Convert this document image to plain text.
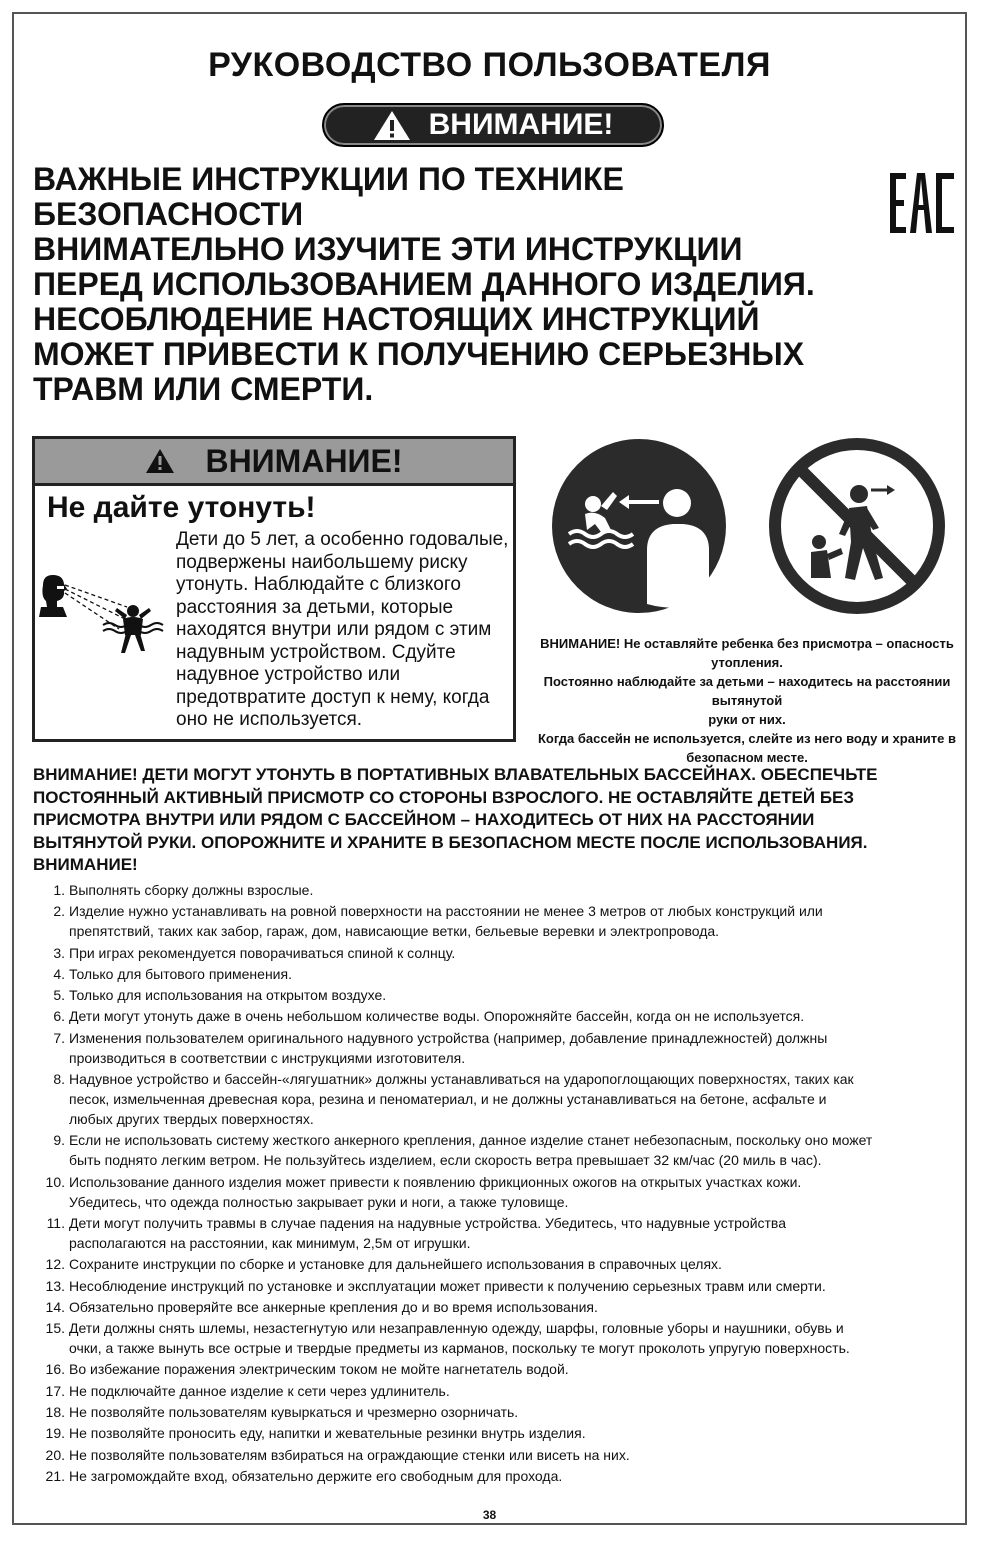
РУКОВОДСТВО ПОЛЬЗОВАТЕЛЯ
ВНИМАНИЕ!
ВАЖНЫЕ ИНСТРУКЦИИ ПО ТЕХНИКЕ
БЕЗОПАСНОСТИ
ВНИМАТЕЛЬНО ИЗУЧИТЕ ЭТИ ИНСТРУКЦИИ
ПЕРЕД ИСПОЛЬЗОВАНИЕМ ДАННОГО ИЗДЕЛИЯ.
НЕСОБЛЮДЕНИЕ НАСТОЯЩИХ ИНСТРУКЦИЙ
МОЖЕТ ПРИВЕСТИ К ПОЛУЧЕНИЮ СЕРЬЕЗНЫХ
ТРАВМ ИЛИ СМЕРТИ.
ВНИМАНИЕ!
Не дайте утонуть!
Дети до 5 лет, а особенно годовалые,
подвержены наибольшему риску
утонуть. Наблюдайте с близкого
расстояния за детьми, которые
находятся внутри или рядом с этим
надувным устройством. Сдуйте
надувное устройство или
предотвратите доступ к нему, когда
оно не используется.
ВНИМАНИЕ! Не оставляйте ребенка без присмотра – опасность утопления.
Постоянно наблюдайте за детьми – находитесь на расстоянии вытянутой
руки от них.
Когда бассейн не используется, слейте из него воду и храните в
безопасном месте.
ВНИМАНИЕ! ДЕТИ МОГУТ УТОНУТЬ В ПОРТАТИВНЫХ ВЛАВАТЕЛЬНЫХ БАССЕЙНАХ. ОБЕСПЕЧЬТЕ
ПОСТОЯННЫЙ АКТИВНЫЙ ПРИСМОТР СО СТОРОНЫ ВЗРОСЛОГО. НЕ ОСТАВЛЯЙТЕ ДЕТЕЙ БЕЗ
ПРИСМОТРА ВНУТРИ ИЛИ РЯДОМ С БАССЕЙНОМ – НАХОДИТЕСЬ ОТ НИХ НА РАССТОЯНИИ
ВЫТЯНУТОЙ РУКИ. ОПОРОЖНИТЕ И ХРАНИТЕ В БЕЗОПАСНОМ МЕСТЕ ПОСЛЕ ИСПОЛЬЗОВАНИЯ.
ВНИМАНИЕ!
1. Выполнять сборку должны взрослые.
2. Изделие нужно устанавливать на ровной поверхности на расстоянии не менее 3 метров от любых конструкций или
препятствий, таких как забор, гараж, дом, нависающие ветки, бельевые веревки и электропровода.
3. При играх рекомендуется поворачиваться спиной к солнцу.
4. Только для бытового применения.
5. Только для использования на открытом воздухе.
6. Дети могут утонуть даже в очень небольшом количестве воды. Опорожняйте бассейн, когда он не используется.
7. Изменения пользователем оригинального надувного устройства (например, добавление принадлежностей) должны
производиться в соответствии с инструкциями изготовителя.
8. Надувное устройство и бассейн-«лягушатник» должны устанавливаться на ударопоглощающих поверхностях, таких как
песок, измельченная древесная кора, резина и пеноматериал, и не должны устанавливаться на бетоне, асфальте и
любых других твердых поверхностях.
9. Если не использовать систему жесткого анкерного крепления, данное изделие станет небезопасным, поскольку оно может
быть поднято легким ветром. Не пользуйтесь изделием, если скорость ветра превышает 32 км/час (20 миль в час).
10. Использование данного изделия может привести к появлению фрикционных ожогов на открытых участках кожи.
Убедитесь, что одежда полностью закрывает руки и ноги, а также туловище.
11. Дети могут получить травмы в случае падения на надувные устройства. Убедитесь, что надувные устройства
располагаются на расстоянии, как минимум, 2,5м от игрушки.
12. Сохраните инструкции по сборке и установке для дальнейшего использования в справочных целях.
13. Несоблюдение инструкций по установке и эксплуатации может привести к получению серьезных травм или смерти.
14. Обязательно проверяйте все анкерные крепления до и во время использования.
15. Дети должны снять шлемы, незастегнутую или незаправленную одежду, шарфы, головные уборы и наушники, обувь и
очки, а также вынуть все острые и твердые предметы из карманов, поскольку те могут проколоть упругую поверхность.
16. Во избежание поражения электрическим током не мойте нагнетатель водой.
17. Не подключайте данное изделие к сети через удлинитель.
18. Не позволяйте пользователям кувыркаться и чрезмерно озорничать.
19. Не позволяйте проносить еду, напитки и жевательные резинки внутрь изделия.
20. Не позволяйте пользователям взбираться на ограждающие стенки или висеть на них.
21. Не загромождайте вход, обязательно держите его свободным для прохода.
38
